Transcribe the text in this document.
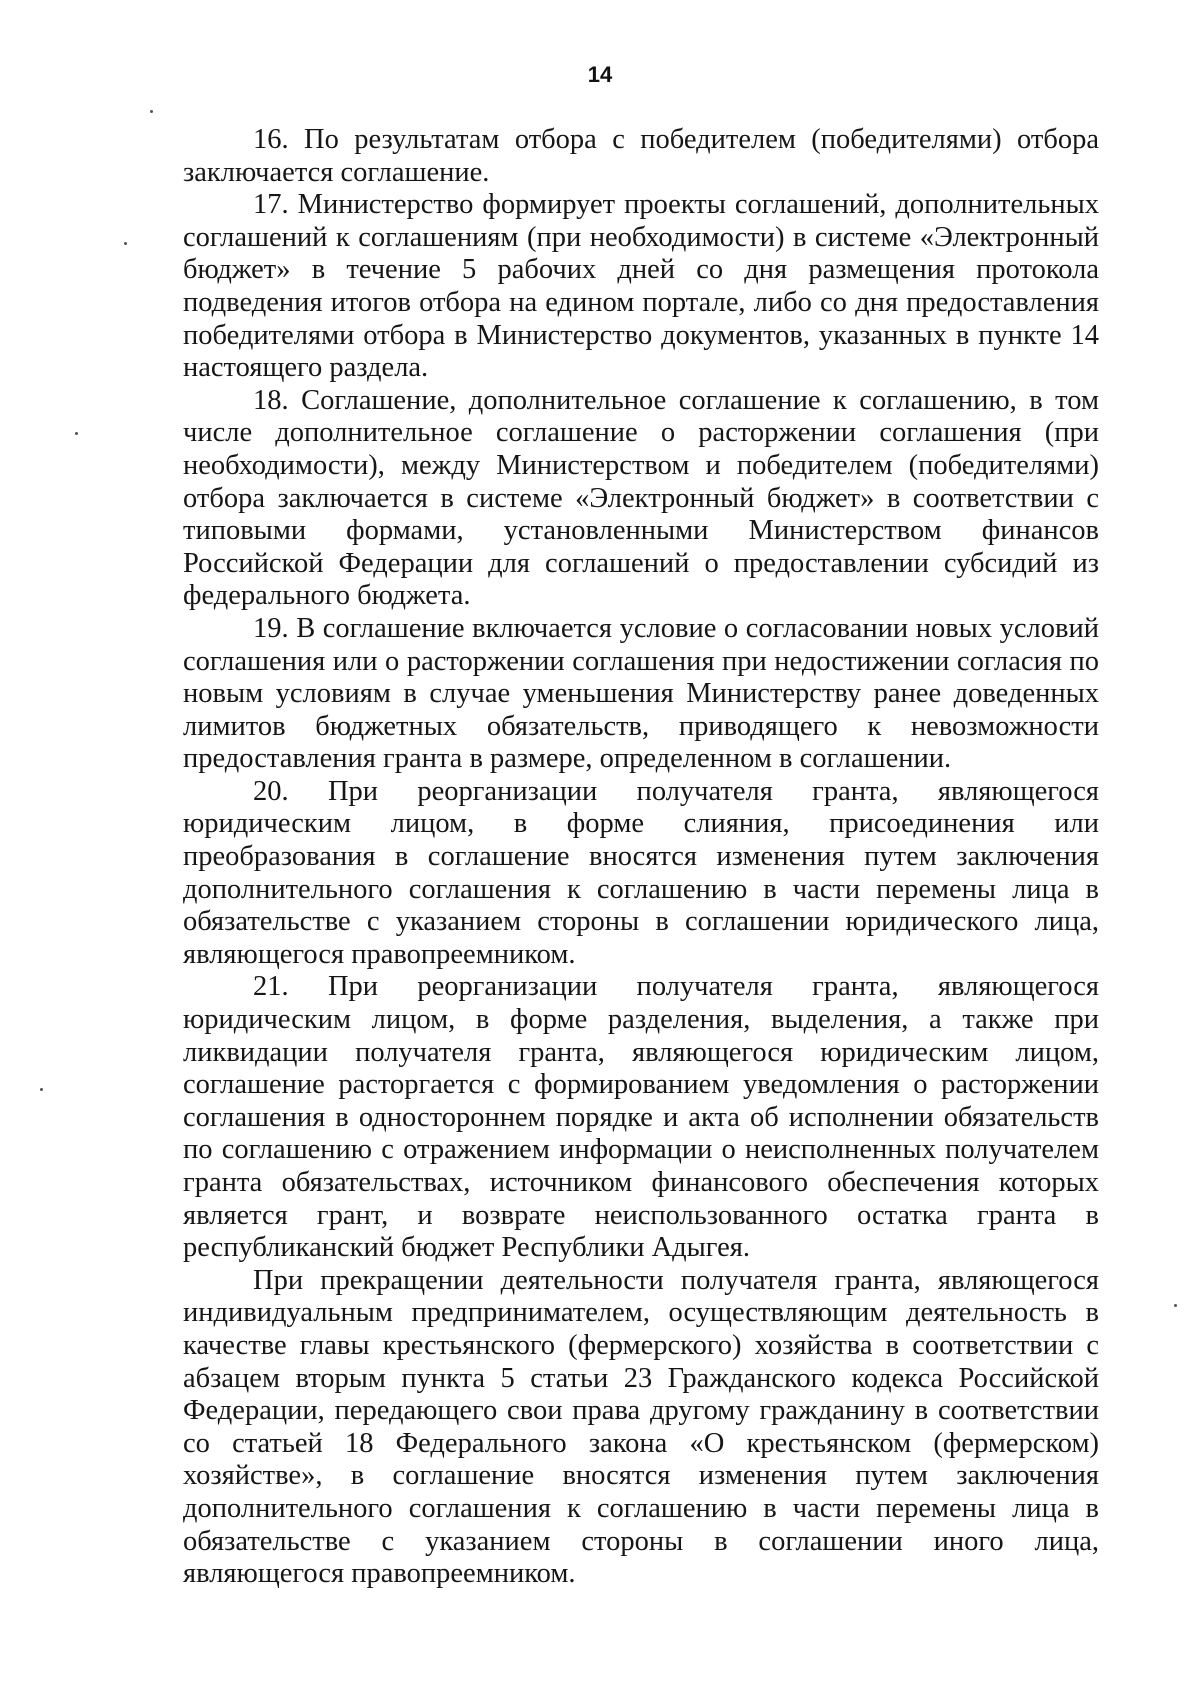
14

16. По результатам отбора с победителем (победителями) отбора заключается соглашение.

17. Министерство формирует проекты соглашений, дополнительных соглашений к соглашениям (при необходимости) в системе «Электронный бюджет» в течение 5 рабочих дней со дня размещения протокола подведения итогов отбора на едином портале, либо со дня предоставления победителями отбора в Министерство документов, указанных в пункте 14 настоящего раздела.

18. Соглашение, дополнительное соглашение к соглашению, в том числе дополнительное соглашение о расторжении соглашения (при необходимости), между Министерством и победителем (победителями) отбора заключается в системе «Электронный бюджет» в соответствии с типовыми формами, установленными Министерством финансов Российской Федерации для соглашений о предоставлении субсидий из федерального бюджета.

19. В соглашение включается условие о согласовании новых условий соглашения или о расторжении соглашения при недостижении согласия по новым условиям в случае уменьшения Министерству ранее доведенных лимитов бюджетных обязательств, приводящего к невозможности предоставления гранта в размере, определенном в соглашении.

20. При реорганизации получателя гранта, являющегося юридическим лицом, в форме слияния, присоединения или преобразования в соглашение вносятся изменения путем заключения дополнительного соглашения к соглашению в части перемены лица в обязательстве с указанием стороны в соглашении юридического лица, являющегося правопреемником.

21. При реорганизации получателя гранта, являющегося юридическим лицом, в форме разделения, выделения, а также при ликвидации получателя гранта, являющегося юридическим лицом, соглашение расторгается с формированием уведомления о расторжении соглашения в одностороннем порядке и акта об исполнении обязательств по соглашению с отражением информации о неисполненных получателем гранта обязательствах, источником финансового обеспечения которых является грант, и возврате неиспользованного остатка гранта в республиканский бюджет Республики Адыгея.

При прекращении деятельности получателя гранта, являющегося индивидуальным предпринимателем, осуществляющим деятельность в качестве главы крестьянского (фермерского) хозяйства в соответствии с абзацем вторым пункта 5 статьи 23 Гражданского кодекса Российской Федерации, передающего свои права другому гражданину в соответствии со статьей 18 Федерального закона «О крестьянском (фермерском) хозяйстве», в соглашение вносятся изменения путем заключения дополнительного соглашения к соглашению в части перемены лица в обязательстве с указанием стороны в соглашении иного лица, являющегося правопреемником.
